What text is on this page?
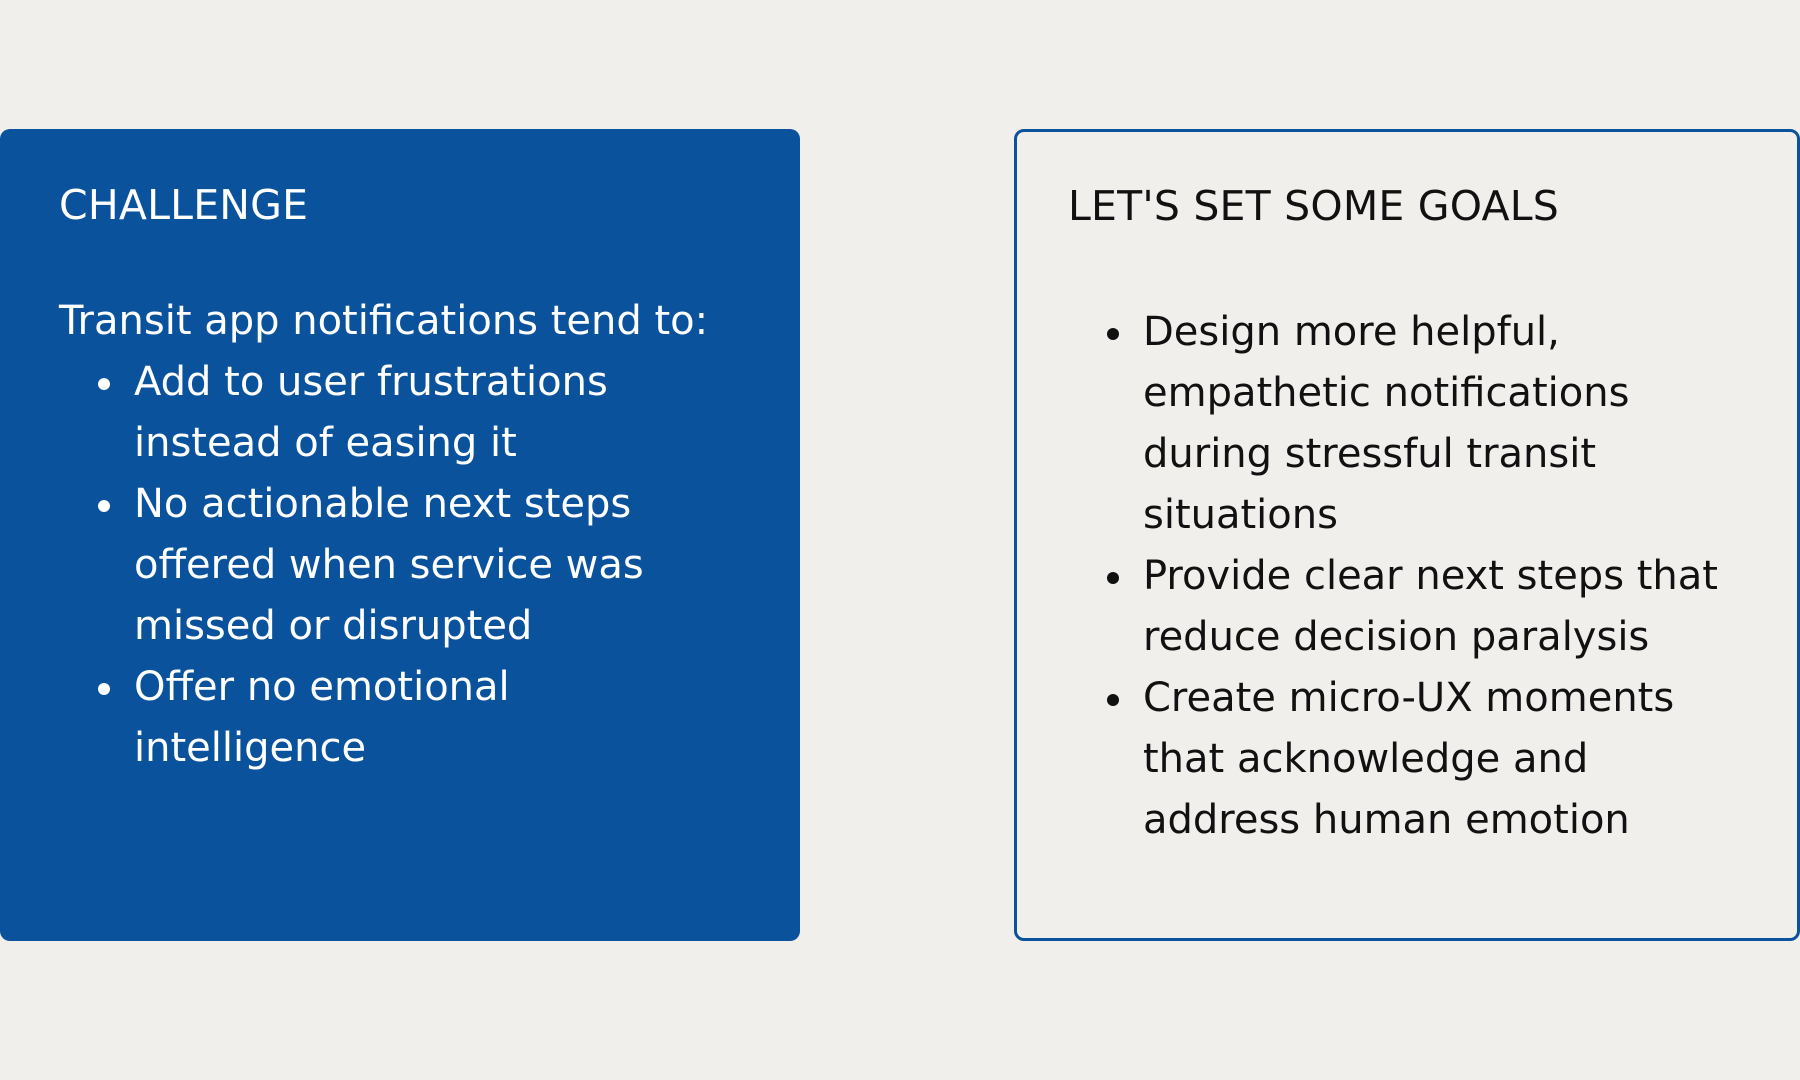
CHALLENGE

Transit app notifications tend to:

Add to user frustrations instead of easing it
No actionable next steps offered when service was missed or disrupted
Offer no emotional intelligence
LET'S SET SOME GOALS
Design more helpful, empathetic notifications during stressful transit situations
Provide clear next steps that reduce decision paralysis
Create micro-UX moments that acknowledge and address human emotion
